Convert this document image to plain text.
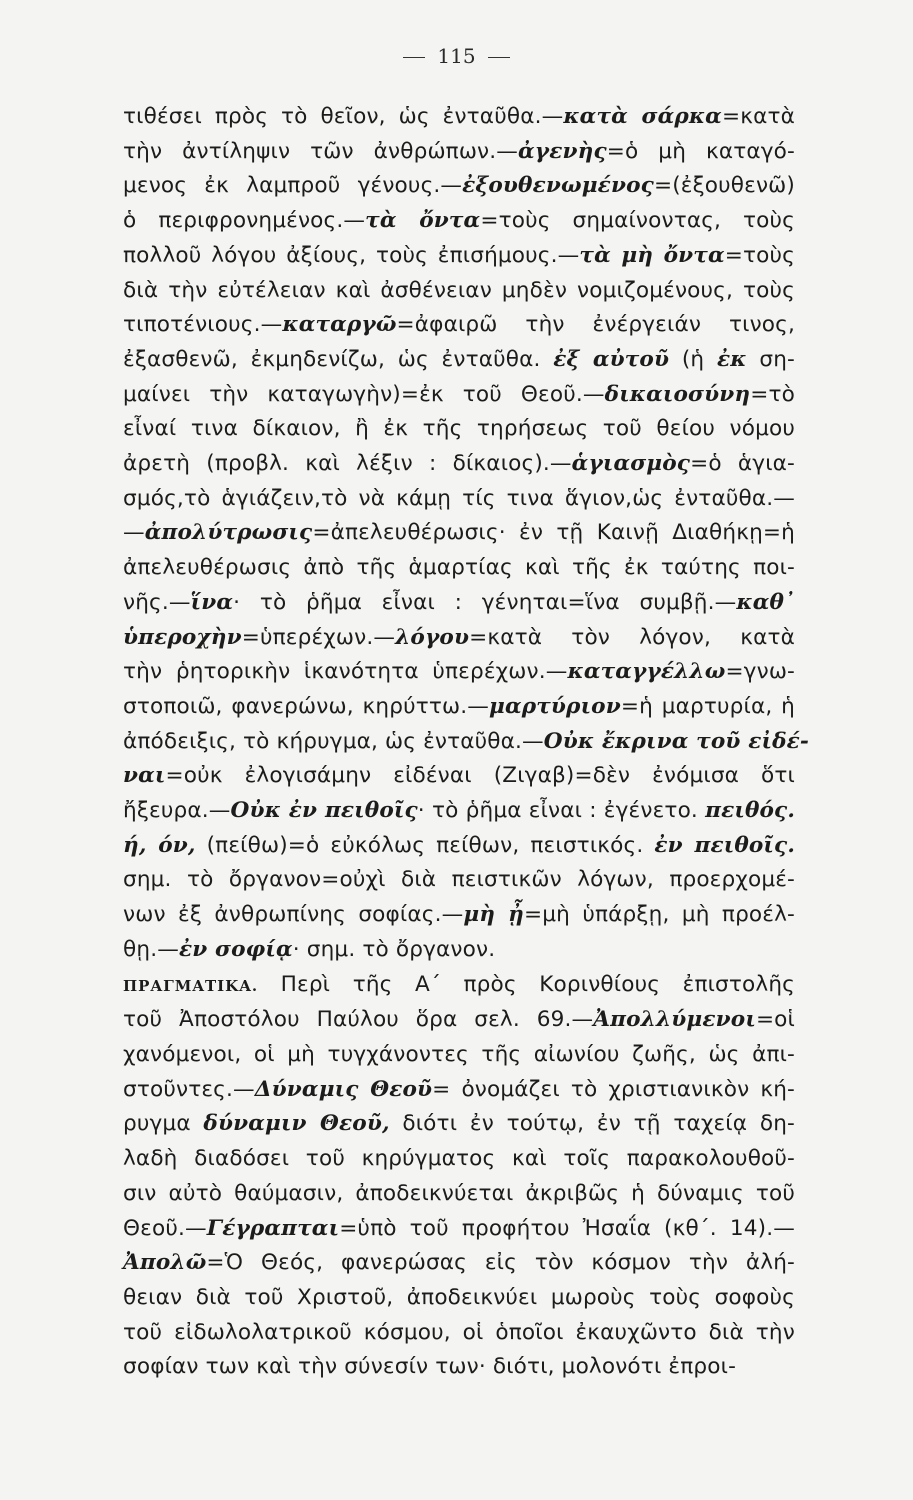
115
τιθέσει πρὸς τὸ θεῖον, ὡς ἐνταῦθα.—κατὰ σάρκα=κατὰ
τὴν ἀντίληψιν τῶν ἀνθρώπων.—ἀγενὴς=ὁ μὴ καταγό-
μενος ἐκ λαμπροῦ γένους.—ἐξουθενωμένος=(ἐξουθενῶ)
ὁ περιφρονημένος.—τὰ ὄντα=τοὺς σημαίνοντας, τοὺς
πολλοῦ λόγου ἀξίους, τοὺς ἐπισήμους.—τὰ μὴ ὄντα=τοὺς
διὰ τὴν εὐτέλειαν καὶ ἀσθένειαν μηδὲν νομιζομένους, τοὺς
τιποτένιους.—καταργῶ=ἀφαιρῶ τὴν ἐνέργειάν τινος,
ἐξασθενῶ, ἐκμηδενίζω, ὡς ἐνταῦθα. ἐξ αὐτοῦ (ἡ ἐκ ση-
μαίνει τὴν καταγωγὴν)=ἐκ τοῦ Θεοῦ.—δικαιοσύνη=τὸ
εἶναί τινα δίκαιον, ἢ ἐκ τῆς τηρήσεως τοῦ θείου νόμου
ἀρετὴ (προβλ. καὶ λέξιν : δίκαιος).—ἁγιασμὸς=ὁ ἁγια-
σμός,τὸ ἁγιάζειν,τὸ νὰ κάμῃ τίς τινα ἅγιον,ὡς ἐνταῦθα.—
—ἀπολύτρωσις=ἀπελευθέρωσις· ἐν τῇ Καινῇ Διαθήκῃ=ἡ
ἀπελευθέρωσις ἀπὸ τῆς ἁμαρτίας καὶ τῆς ἐκ ταύτης ποι-
νῆς.—ἵνα· τὸ ῥῆμα εἶναι : γένηται=ἵνα συμβῇ.—καθ᾽
ὑπεροχὴν=ὑπερέχων.—λόγου=κατὰ τὸν λόγον, κατὰ
τὴν ῥητορικὴν ἱκανότητα ὑπερέχων.—καταγγέλλω=γνω-
στοποιῶ, φανερώνω, κηρύττω.—μαρτύριον=ἡ μαρτυρία, ἡ
ἀπόδειξις, τὸ κήρυγμα, ὡς ἐνταῦθα.—Οὐκ ἔκρινα τοῦ εἰδέ-
ναι=οὐκ ἐλογισάμην εἰδέναι (Ζιγαβ)=δὲν ἐνόμισα ὅτι
ἤξευρα.—Οὐκ ἐν πειθοῖς· τὸ ῥῆμα εἶναι : ἐγένετο. πειθός.
ή, όν, (πείθω)=ὁ εὐκόλως πείθων, πειστικός. ἐν πειθοῖς.
σημ. τὸ ὄργανον=οὐχὶ διὰ πειστικῶν λόγων, προερχομέ-
νων ἐξ ἀνθρωπίνης σοφίας.—μὴ ᾖ=μὴ ὑπάρξῃ, μὴ προέλ-
θῃ.—ἐν σοφίᾳ· σημ. τὸ ὄργανον.
ΠΡΑΓΜΑΤΙΚΑ. Περὶ τῆς Α΄ πρὸς Κορινθίους ἐπιστολῆς
τοῦ Ἀποστόλου Παύλου ὅρα σελ. 69.—Ἀπολλύμενοι=οἱ
χανόμενοι, οἱ μὴ τυγχάνοντες τῆς αἰωνίου ζωῆς, ὡς ἀπι-
στοῦντες.—Δύναμις Θεοῦ= ὀνομάζει τὸ χριστιανικὸν κή-
ρυγμα δύναμιν Θεοῦ, διότι ἐν τούτῳ, ἐν τῇ ταχείᾳ δη-
λαδὴ διαδόσει τοῦ κηρύγματος καὶ τοῖς παρακολουθοῦ-
σιν αὐτὸ θαύμασιν, ἀποδεικνύεται ἀκριβῶς ἡ δύναμις τοῦ
Θεοῦ.—Γέγραπται=ὑπὸ τοῦ προφήτου Ἠσαΐα (κθ΄. 14).—
Ἀπολῶ=Ὁ Θεός, φανερώσας εἰς τὸν κόσμον τὴν ἀλή-
θειαν διὰ τοῦ Χριστοῦ, ἀποδεικνύει μωροὺς τοὺς σοφοὺς
τοῦ εἰδωλολατρικοῦ κόσμου, οἱ ὁποῖοι ἐκαυχῶντο διὰ τὴν
σοφίαν των καὶ τὴν σύνεσίν των· διότι, μολονότι ἐπροι-
